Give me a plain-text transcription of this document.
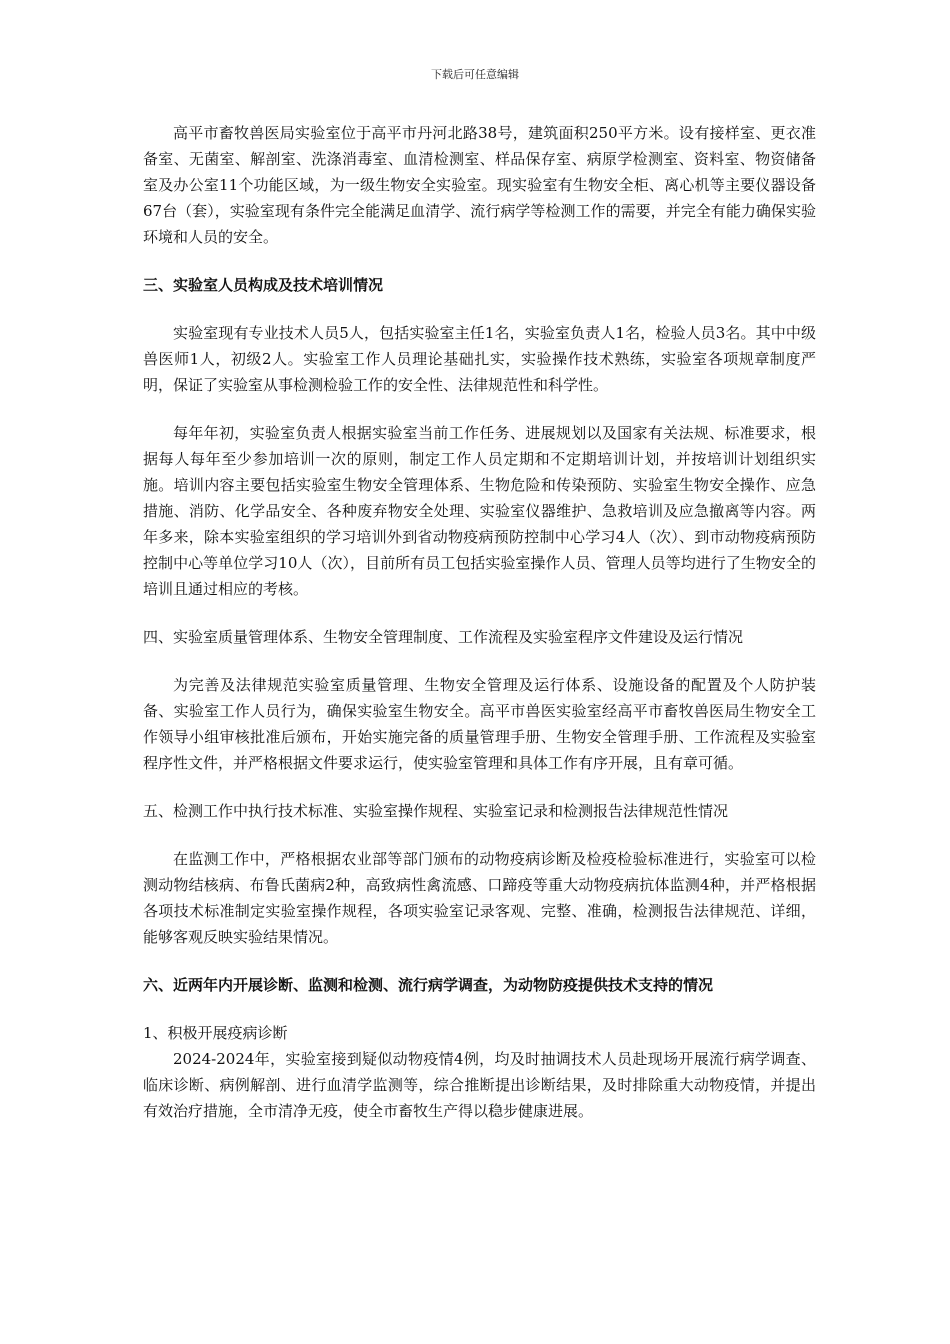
下载后可任意编辑

高平市畜牧兽医局实验室位于高平市丹河北路38号，建筑面积250平方米。设有接样室、更衣准备室、无菌室、解剖室、洗涤消毒室、血清检测室、样品保存室、病原学检测室、资料室、物资储备室及办公室11个功能区域，为一级生物安全实验室。现实验室有生物安全柜、离心机等主要仪器设备67台（套），实验室现有条件完全能满足血清学、流行病学等检测工作的需要，并完全有能力确保实验环境和人员的安全。

三、实验室人员构成及技术培训情况

实验室现有专业技术人员5人，包括实验室主任1名，实验室负责人1名，检验人员3名。其中中级兽医师1人，初级2人。实验室工作人员理论基础扎实，实验操作技术熟练，实验室各项规章制度严明，保证了实验室从事检测检验工作的安全性、法律规范性和科学性。

每年年初，实验室负责人根据实验室当前工作任务、进展规划以及国家有关法规、标准要求，根据每人每年至少参加培训一次的原则，制定工作人员定期和不定期培训计划，并按培训计划组织实施。培训内容主要包括实验室生物安全管理体系、生物危险和传染预防、实验室生物安全操作、应急措施、消防、化学品安全、各种废弃物安全处理、实验室仪器维护、急救培训及应急撤离等内容。两年多来，除本实验室组织的学习培训外到省动物疫病预防控制中心学习4人（次）、到市动物疫病预防控制中心等单位学习10人（次），目前所有员工包括实验室操作人员、管理人员等均进行了生物安全的培训且通过相应的考核。

四、实验室质量管理体系、生物安全管理制度、工作流程及实验室程序文件建设及运行情况

为完善及法律规范实验室质量管理、生物安全管理及运行体系、设施设备的配置及个人防护装备、实验室工作人员行为，确保实验室生物安全。高平市兽医实验室经高平市畜牧兽医局生物安全工作领导小组审核批准后颁布，开始实施完备的质量管理手册、生物安全管理手册、工作流程及实验室程序性文件，并严格根据文件要求运行，使实验室管理和具体工作有序开展，且有章可循。

五、检测工作中执行技术标准、实验室操作规程、实验室记录和检测报告法律规范性情况

在监测工作中，严格根据农业部等部门颁布的动物疫病诊断及检疫检验标准进行，实验室可以检测动物结核病、布鲁氏菌病2种，高致病性禽流感、口蹄疫等重大动物疫病抗体监测4种，并严格根据各项技术标准制定实验室操作规程，各项实验室记录客观、完整、准确，检测报告法律规范、详细，能够客观反映实验结果情况。

六、近两年内开展诊断、监测和检测、流行病学调查，为动物防疫提供技术支持的情况

1、积极开展疫病诊断

2024-2024年，实验室接到疑似动物疫情4例，均及时抽调技术人员赴现场开展流行病学调查、临床诊断、病例解剖、进行血清学监测等，综合推断提出诊断结果，及时排除重大动物疫情，并提出有效治疗措施，全市清净无疫，使全市畜牧生产得以稳步健康进展。
